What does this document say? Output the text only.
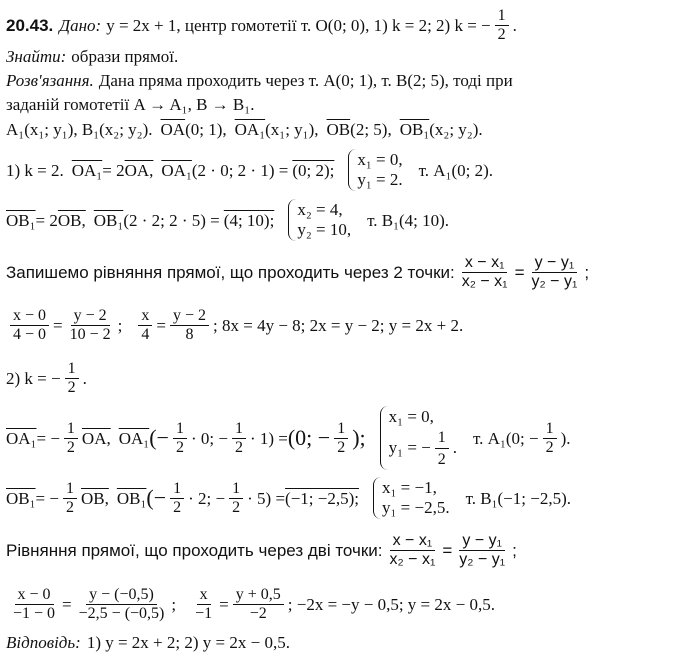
20.43. Дано: y = 2x + 1, центр гомотетії т. O(0; 0), 1) k = 2; 2) k = − $\frac{1}{2}$ .
Знайти: образи прямої.
Розв'язання. Дана пряма проходить через т. A(0; 1), т. B(2; 5), тоді при
заданій гомотетії A → A₁, B → B₁.
A₁(x₁; y₁), B₁(x₂; y₂). $\overline{OA}$ (0; 1), OA₁ (x₁; y₁), $\overline{OB}$ (2; 5), OB₁ (x₂; y₂).
1) k = 2. OA₁ = 2 OA, OA₁ (2 · 0; 2 · 1) = (0; 2);
x₁ = 0,
y₁ = 2. т. A₁(0; 2).
OB₁ = 2 OB, OB₁ (2 · 2; 2 · 5) = (4; 10);
x₂ = 4,
y₂ = 10, т. B₁(4; 10).
Запишемо рівняння прямої, що проходить через 2 точки: $\frac{\text{x − x₁}}{\text{x₂ − x₁}} = \frac{\text{y − y₁}}{\text{y₂ − y₁}}$ ;
$\frac{x - 0}{4 - 0} = \frac{y - 2}{10 - 2}$ ; $\frac{x}{4} = \frac{y - 2}{8}$ ; 8x = 4y − 8; 2x = y − 2; y = 2x + 2.
2) k = − $\frac{1}{2}$ .
OA₁ = − $\frac{1}{2}$ OA, OA₁ (− $\frac{1}{2} \cdot 0$; − $\frac{1}{2} \cdot 1) = (0$; − $\frac{1}{2}$ );
x₁ = 0,
y₁ = − $\frac{1}{2}$ . т. A₁(0; − $\frac{1}{2}$ ).
OB₁ = − $\frac{1}{2}$ OB, OB₁ (− $\frac{1}{2} \cdot 2$; − $\frac{1}{2} \cdot 5) = (-1$; −2,5);
x₁ = −1,
y₁ = −2,5. т. B₁(−1; −2,5).
Рівняння прямої, що проходить через дві точки: $\frac{\text{x − x₁}}{\text{x₂ − x₁}} = \frac{\text{y − y₁}}{\text{y₂ − y₁}}$ ;
$\frac{x - 0}{-1 - 0} = \frac{y - (-0,5)}{-2,5 - (-0,5)}$ ; $\frac{x}{-1} = \frac{y + 0,5}{-2}$ ; −2x = −y − 0,5; y = 2x − 0,5.
Відповідь: 1) y = 2x + 2; 2) y = 2x − 0,5.
